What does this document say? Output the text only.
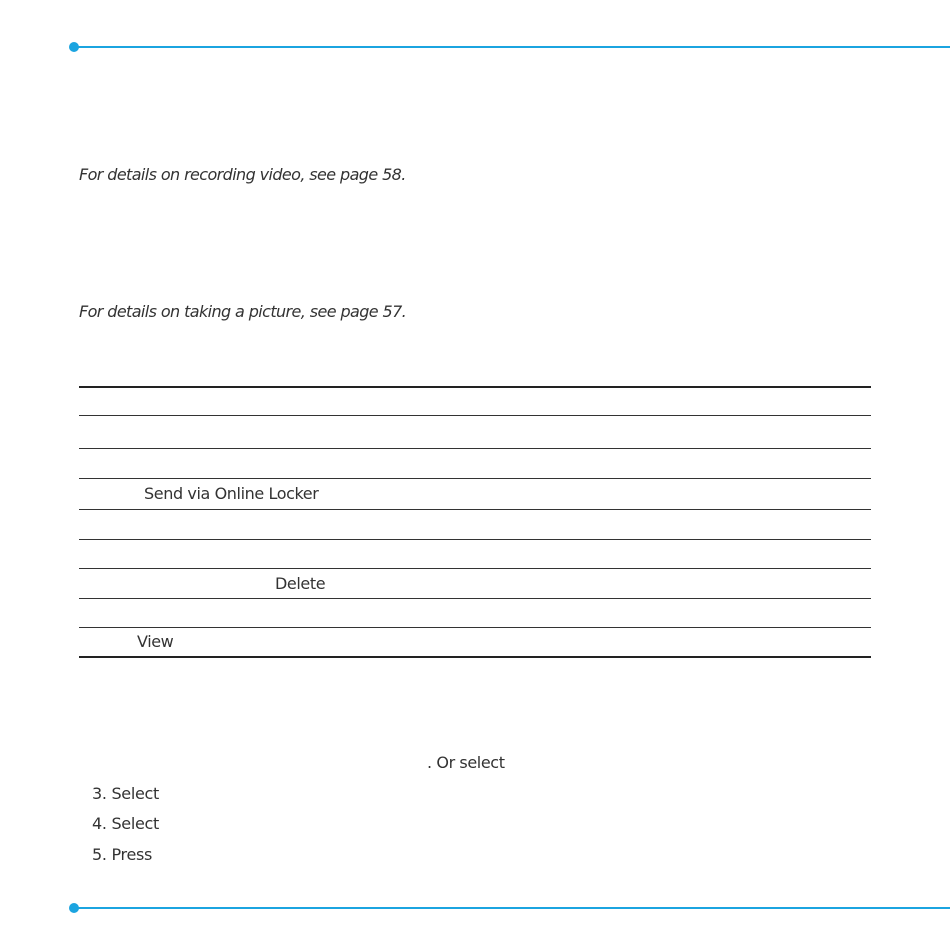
For details on recording video, see page 58.
For details on taking a picture, see page 57.
Send via Online Locker
Delete
View
. Or select
3. Select
4. Select
5. Press
